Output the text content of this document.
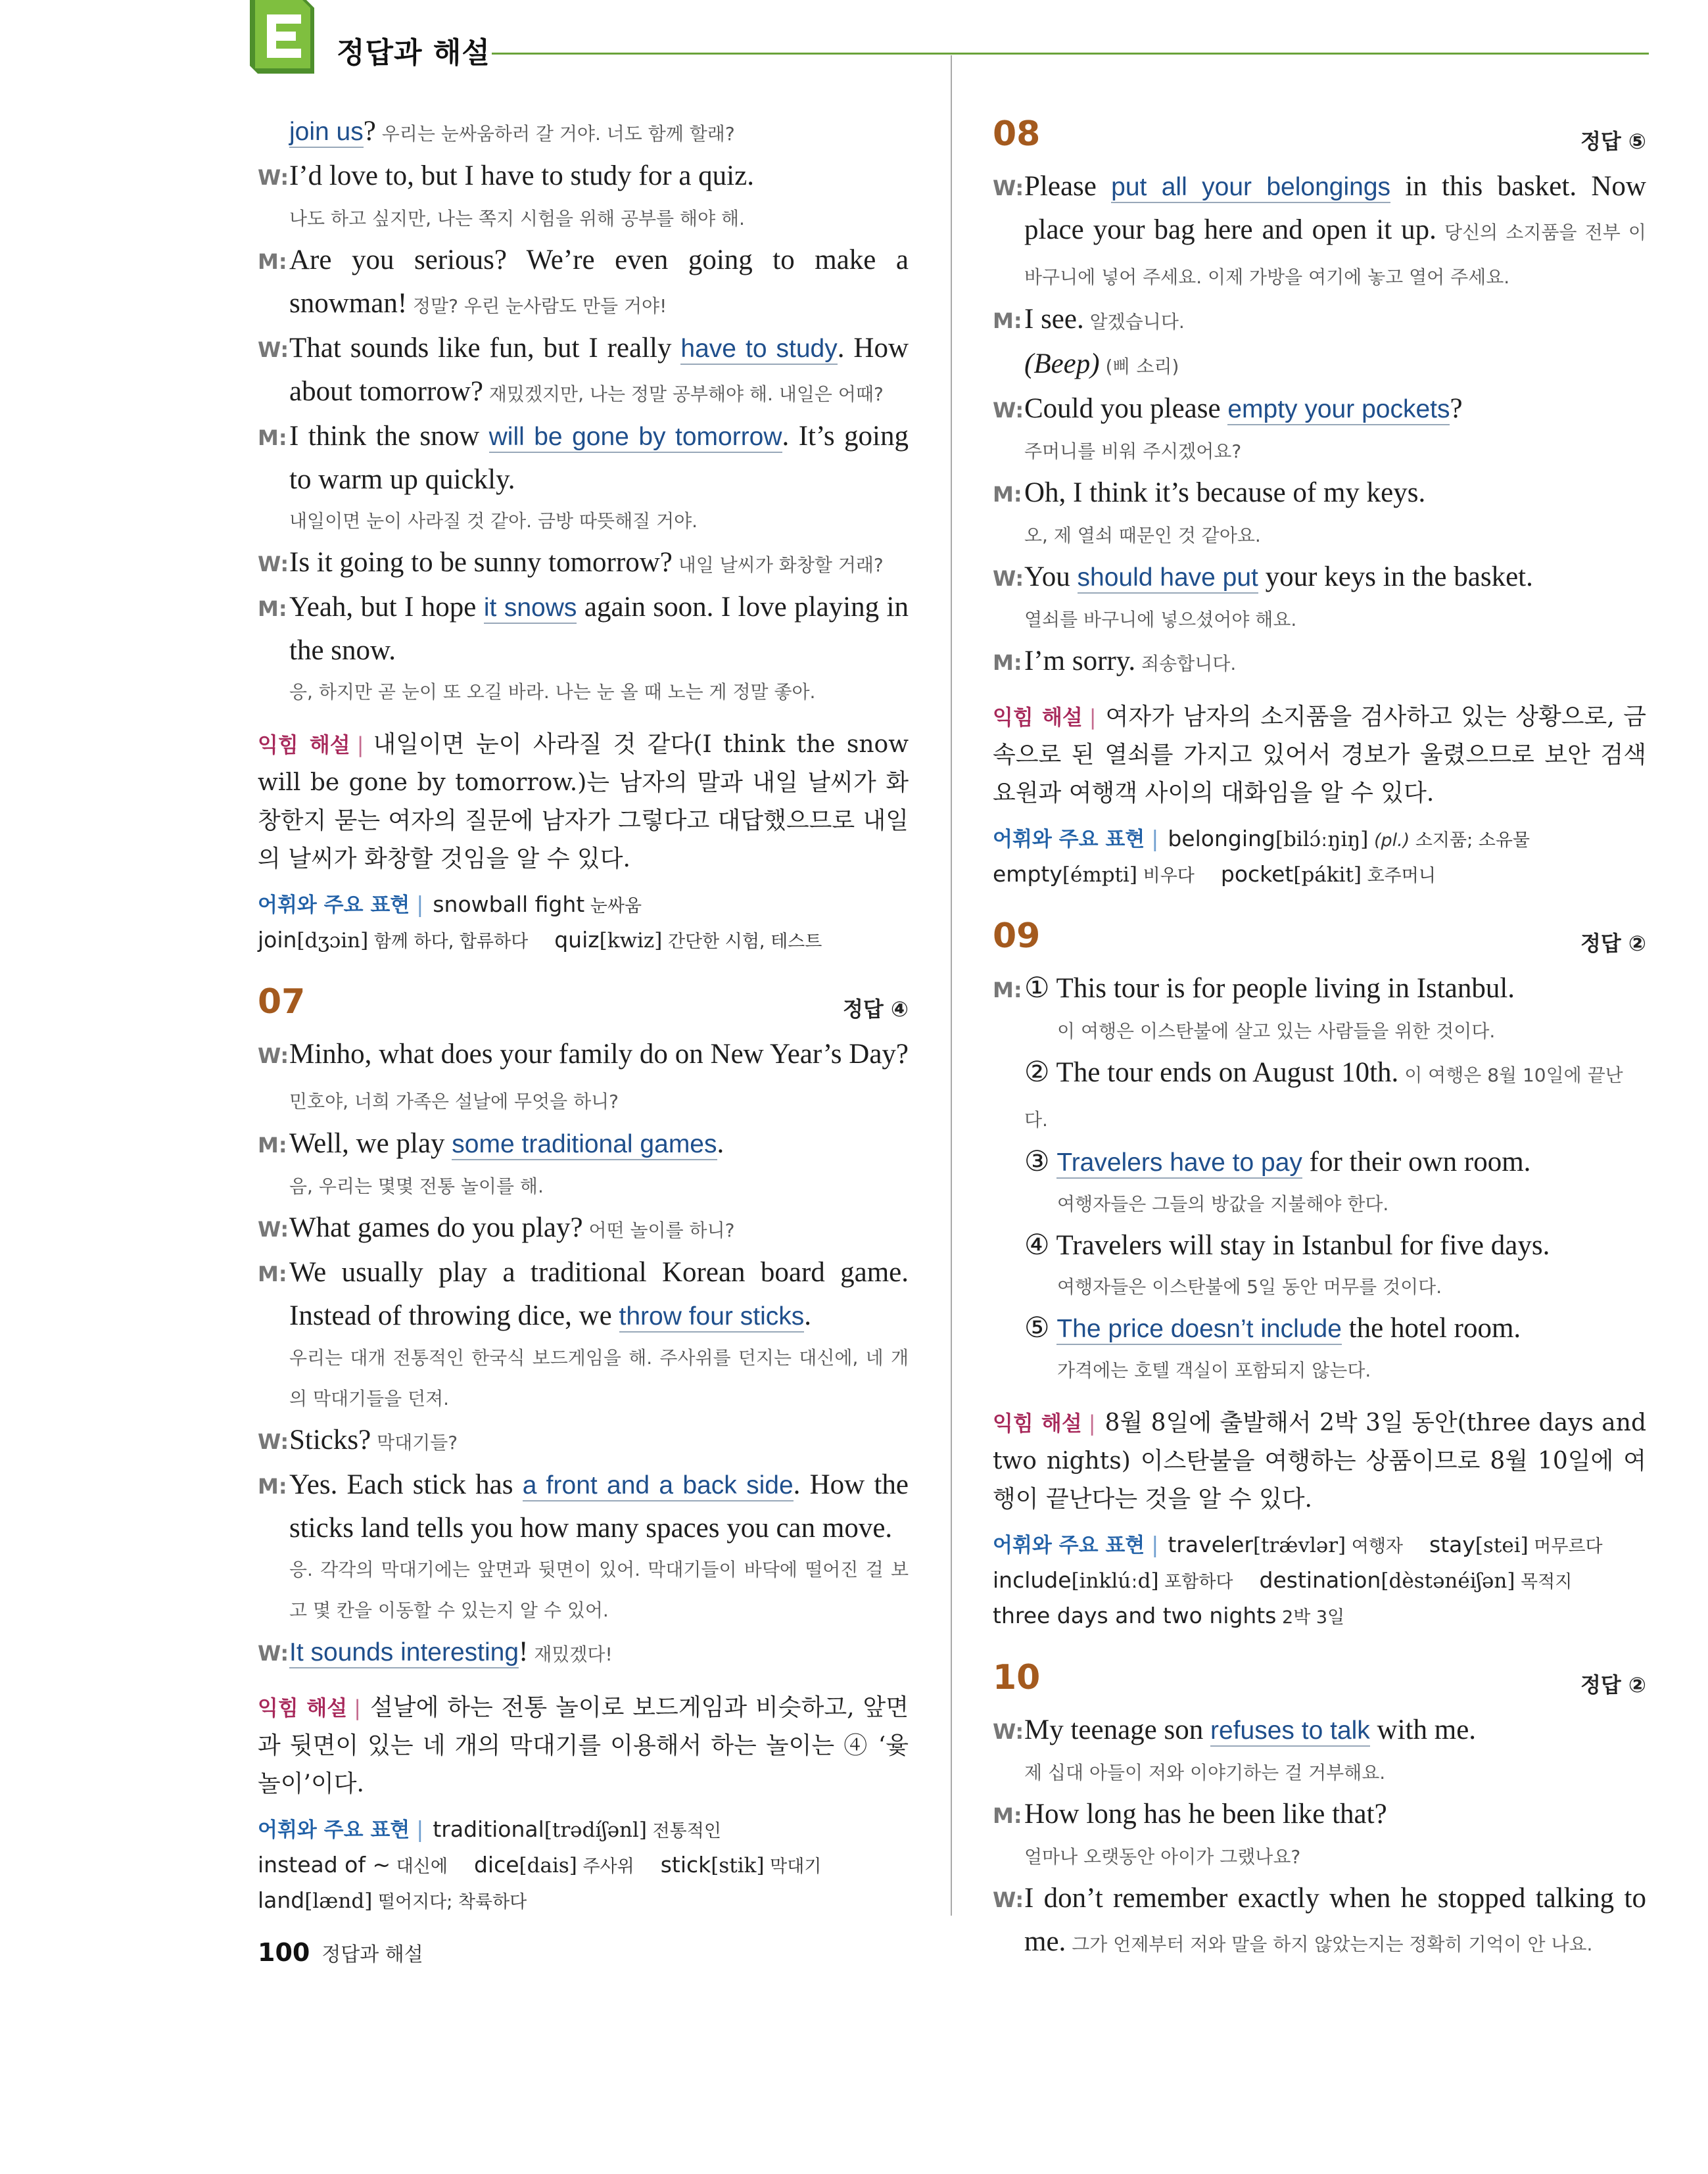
정답과 해설
join us? 우리는 눈싸움하러 갈 거야. 너도 함께 할래?
W:I’d love to, but I have to study for a quiz.
나도 하고 싶지만, 나는 쪽지 시험을 위해 공부를 해야 해.
M:Are you serious? We’re even going to make a snowman! 정말? 우린 눈사람도 만들 거야!
W:That sounds like fun, but I really have to study. How about tomorrow? 재밌겠지만, 나는 정말 공부해야 해. 내일은 어때?
M:I think the snow will be gone by tomorrow. It’s going to warm up quickly.
내일이면 눈이 사라질 것 같아. 금방 따뜻해질 거야.
W:Is it going to be sunny tomorrow? 내일 날씨가 화창할 거래?
M:Yeah, but I hope it snows again soon. I love playing in the snow.
응, 하지만 곧 눈이 또 오길 바라. 나는 눈 올 때 노는 게 정말 좋아.
익힘 해설 | 내일이면 눈이 사라질 것 같다(I think the snow will be gone by tomorrow.)는 남자의 말과 내일 날씨가 화창한지 묻는 여자의 질문에 남자가 그렇다고 대답했으므로 내일의 날씨가 화창할 것임을 알 수 있다.
어휘와 주요 표현 | snowball fight 눈싸움
join[dʒɔin] 함께 하다, 합류하다 quiz[kwiz] 간단한 시험, 테스트
07	정답 ④
W:Minho, what does your family do on New Year’s Day? 민호야, 너희 가족은 설날에 무엇을 하니?
M:Well, we play some traditional games.
음, 우리는 몇몇 전통 놀이를 해.
W:What games do you play? 어떤 놀이를 하니?
M:We usually play a traditional Korean board game. Instead of throwing dice, we throw four sticks.
우리는 대개 전통적인 한국식 보드게임을 해. 주사위를 던지는 대신에, 네 개의 막대기들을 던져.
W:Sticks? 막대기들?
M:Yes. Each stick has a front and a back side. How the sticks land tells you how many spaces you can move.
응. 각각의 막대기에는 앞면과 뒷면이 있어. 막대기들이 바닥에 떨어진 걸 보고 몇 칸을 이동할 수 있는지 알 수 있어.
W:It sounds interesting! 재밌겠다!
익힘 해설 | 설날에 하는 전통 놀이로 보드게임과 비슷하고, 앞면과 뒷면이 있는 네 개의 막대기를 이용해서 하는 놀이는 ④ ‘윷놀이’이다.
어휘와 주요 표현 | traditional[trədíʃənl] 전통적인
instead of ~ 대신에 dice[dais] 주사위 stick[stik] 막대기
land[lænd] 떨어지다; 착륙하다
08	정답 ⑤
W:Please put all your belongings in this basket. Now place your bag here and open it up. 당신의 소지품을 전부 이 바구니에 넣어 주세요. 이제 가방을 여기에 놓고 열어 주세요.
M:I see. 알겠습니다.
(Beep) (삐 소리)
W:Could you please empty your pockets?
주머니를 비워 주시겠어요?
M:Oh, I think it’s because of my keys.
오, 제 열쇠 때문인 것 같아요.
W:You should have put your keys in the basket.
열쇠를 바구니에 넣으셨어야 해요.
M:I’m sorry. 죄송합니다.
익힘 해설 | 여자가 남자의 소지품을 검사하고 있는 상황으로, 금속으로 된 열쇠를 가지고 있어서 경보가 울렸으므로 보안 검색 요원과 여행객 사이의 대화임을 알 수 있다.
어휘와 주요 표현 | belonging[bilɔ́ːŋiŋ] (pl.) 소지품; 소유물
empty[émpti] 비우다 pocket[pákit] 호주머니
09	정답 ②
M:① This tour is for people living in Istanbul.
이 여행은 이스탄불에 살고 있는 사람들을 위한 것이다.
② The tour ends on August 10th. 이 여행은 8월 10일에 끝난다.
③ Travelers have to pay for their own room.
여행자들은 그들의 방값을 지불해야 한다.
④ Travelers will stay in Istanbul for five days.
여행자들은 이스탄불에 5일 동안 머무를 것이다.
⑤ The price doesn’t include the hotel room.
가격에는 호텔 객실이 포함되지 않는다.
익힘 해설 | 8월 8일에 출발해서 2박 3일 동안(three days and two nights) 이스탄불을 여행하는 상품이므로 8월 10일에 여행이 끝난다는 것을 알 수 있다.
어휘와 주요 표현 | traveler[trǽvlər] 여행자 stay[stei] 머무르다
include[inklúːd] 포함하다 destination[dèstənéiʃən] 목적지
three days and two nights 2박 3일
10	정답 ②
W:My teenage son refuses to talk with me.
제 십대 아들이 저와 이야기하는 걸 거부해요.
M:How long has he been like that?
얼마나 오랫동안 아이가 그랬나요?
W:I don’t remember exactly when he stopped talking to me. 그가 언제부터 저와 말을 하지 않았는지는 정확히 기억이 안 나요.
100 정답과 해설
